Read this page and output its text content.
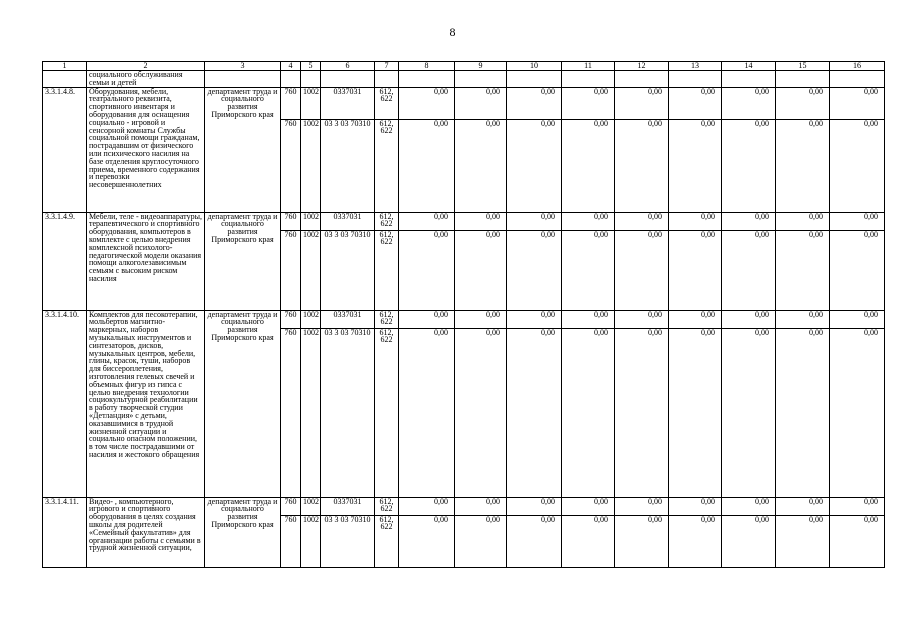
8
1	2	3	4	5	6	7	8	9	10	11	12	13	14	15	16
	социального обслуживания семьи и детей														
3.3.1.4.8.	Оборудования, мебели, театрального реквизита, спортивного инвентаря и оборудования для оснащения социально - игровой и сенсорной комнаты Службы социальной помощи гражданам, пострадавшим от физического или психического насилия на базе отделения круглосуточного приема, временного содержания и перевозки несовершеннолетних	департамент труда и социального развития Приморского края	760	1002	0337031	612, 622	0,00	0,00	0,00	0,00	0,00	0,00	0,00	0,00	0,00
			760	1002	03 3 03 70310	612, 622	0,00	0,00	0,00	0,00	0,00	0,00	0,00	0,00	0,00
3.3.1.4.9.	Мебели, теле - видеоаппаратуры, терапевтического и спортивного оборудования, компьютеров в комплекте с целью внедрения комплексной психолого-педагогической модели оказания помощи алкоголезависимым семьям с высоким риском насилия	департамент труда и социального развития Приморского края	760	1002	0337031	612, 622	0,00	0,00	0,00	0,00	0,00	0,00	0,00	0,00	0,00
			760	1002	03 3 03 70310	612, 622	0,00	0,00	0,00	0,00	0,00	0,00	0,00	0,00	0,00
3.3.1.4.10.	Комплектов для песокотерапии, мольбертов магнитно-маркерных, наборов музыкальных инструментов и синтезаторов, дисков, музыкальных центров, мебели, глины, красок, туши, наборов для биссероплетения, изготовления гелевых свечей и объемных фигур из гипса с целью внедрения технологии социокультурной реабилитации в работу творческой студии «Детландия» с детьми, оказавшимися в трудной жизненной ситуации и социально опасном положении, в том числе пострадавшими от насилия и жестокого обращения	департамент труда и социального развития Приморского края	760	1002	0337031	612, 622	0,00	0,00	0,00	0,00	0,00	0,00	0,00	0,00	0,00
			760	1002	03 3 03 70310	612, 622	0,00	0,00	0,00	0,00	0,00	0,00	0,00	0,00	0,00
3.3.1.4.11.	Видео- , компьютерного, игрового и спортивного оборудования в целях создания школы для родителей «Семейный факультатив» для организации работы с семьями в трудной жизненной ситуации,	департамент труда и социального развития Приморского края	760	1002	0337031	612, 622	0,00	0,00	0,00	0,00	0,00	0,00	0,00	0,00	0,00
			760	1002	03 3 03 70310	612, 622	0,00	0,00	0,00	0,00	0,00	0,00	0,00	0,00	0,00
